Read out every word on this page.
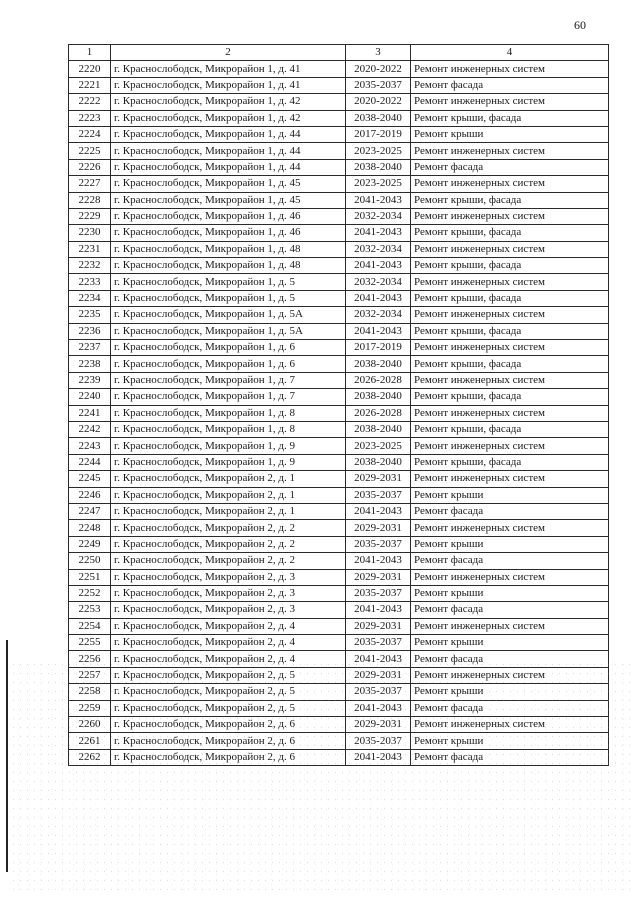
60
1	2	3	4
2220	г. Краснослободск, Микрорайон 1, д. 41	2020-2022	Ремонт инженерных систем
2221	г. Краснослободск, Микрорайон 1, д. 41	2035-2037	Ремонт фасада
2222	г. Краснослободск, Микрорайон 1, д. 42	2020-2022	Ремонт инженерных систем
2223	г. Краснослободск, Микрорайон 1, д. 42	2038-2040	Ремонт крыши, фасада
2224	г. Краснослободск, Микрорайон 1, д. 44	2017-2019	Ремонт крыши
2225	г. Краснослободск, Микрорайон 1, д. 44	2023-2025	Ремонт инженерных систем
2226	г. Краснослободск, Микрорайон 1, д. 44	2038-2040	Ремонт фасада
2227	г. Краснослободск, Микрорайон 1, д. 45	2023-2025	Ремонт инженерных систем
2228	г. Краснослободск, Микрорайон 1, д. 45	2041-2043	Ремонт крыши, фасада
2229	г. Краснослободск, Микрорайон 1, д. 46	2032-2034	Ремонт инженерных систем
2230	г. Краснослободск, Микрорайон 1, д. 46	2041-2043	Ремонт крыши, фасада
2231	г. Краснослободск, Микрорайон 1, д. 48	2032-2034	Ремонт инженерных систем
2232	г. Краснослободск, Микрорайон 1, д. 48	2041-2043	Ремонт крыши, фасада
2233	г. Краснослободск, Микрорайон 1, д. 5	2032-2034	Ремонт инженерных систем
2234	г. Краснослободск, Микрорайон 1, д. 5	2041-2043	Ремонт крыши, фасада
2235	г. Краснослободск, Микрорайон 1, д. 5А	2032-2034	Ремонт инженерных систем
2236	г. Краснослободск, Микрорайон 1, д. 5А	2041-2043	Ремонт крыши, фасада
2237	г. Краснослободск, Микрорайон 1, д. 6	2017-2019	Ремонт инженерных систем
2238	г. Краснослободск, Микрорайон 1, д. 6	2038-2040	Ремонт крыши, фасада
2239	г. Краснослободск, Микрорайон 1, д. 7	2026-2028	Ремонт инженерных систем
2240	г. Краснослободск, Микрорайон 1, д. 7	2038-2040	Ремонт крыши, фасада
2241	г. Краснослободск, Микрорайон 1, д. 8	2026-2028	Ремонт инженерных систем
2242	г. Краснослободск, Микрорайон 1, д. 8	2038-2040	Ремонт крыши, фасада
2243	г. Краснослободск, Микрорайон 1, д. 9	2023-2025	Ремонт инженерных систем
2244	г. Краснослободск, Микрорайон 1, д. 9	2038-2040	Ремонт крыши, фасада
2245	г. Краснослободск, Микрорайон 2, д. 1	2029-2031	Ремонт инженерных систем
2246	г. Краснослободск, Микрорайон 2, д. 1	2035-2037	Ремонт крыши
2247	г. Краснослободск, Микрорайон 2, д. 1	2041-2043	Ремонт фасада
2248	г. Краснослободск, Микрорайон 2, д. 2	2029-2031	Ремонт инженерных систем
2249	г. Краснослободск, Микрорайон 2, д. 2	2035-2037	Ремонт крыши
2250	г. Краснослободск, Микрорайон 2, д. 2	2041-2043	Ремонт фасада
2251	г. Краснослободск, Микрорайон 2, д. 3	2029-2031	Ремонт инженерных систем
2252	г. Краснослободск, Микрорайон 2, д. 3	2035-2037	Ремонт крыши
2253	г. Краснослободск, Микрорайон 2, д. 3	2041-2043	Ремонт фасада
2254	г. Краснослободск, Микрорайон 2, д. 4	2029-2031	Ремонт инженерных систем
2255	г. Краснослободск, Микрорайон 2, д. 4	2035-2037	Ремонт крыши
2256	г. Краснослободск, Микрорайон 2, д. 4	2041-2043	Ремонт фасада
2257	г. Краснослободск, Микрорайон 2, д. 5	2029-2031	Ремонт инженерных систем
2258	г. Краснослободск, Микрорайон 2, д. 5	2035-2037	Ремонт крыши
2259	г. Краснослободск, Микрорайон 2, д. 5	2041-2043	Ремонт фасада
2260	г. Краснослободск, Микрорайон 2, д. 6	2029-2031	Ремонт инженерных систем
2261	г. Краснослободск, Микрорайон 2, д. 6	2035-2037	Ремонт крыши
2262	г. Краснослободск, Микрорайон 2, д. 6	2041-2043	Ремонт фасада
